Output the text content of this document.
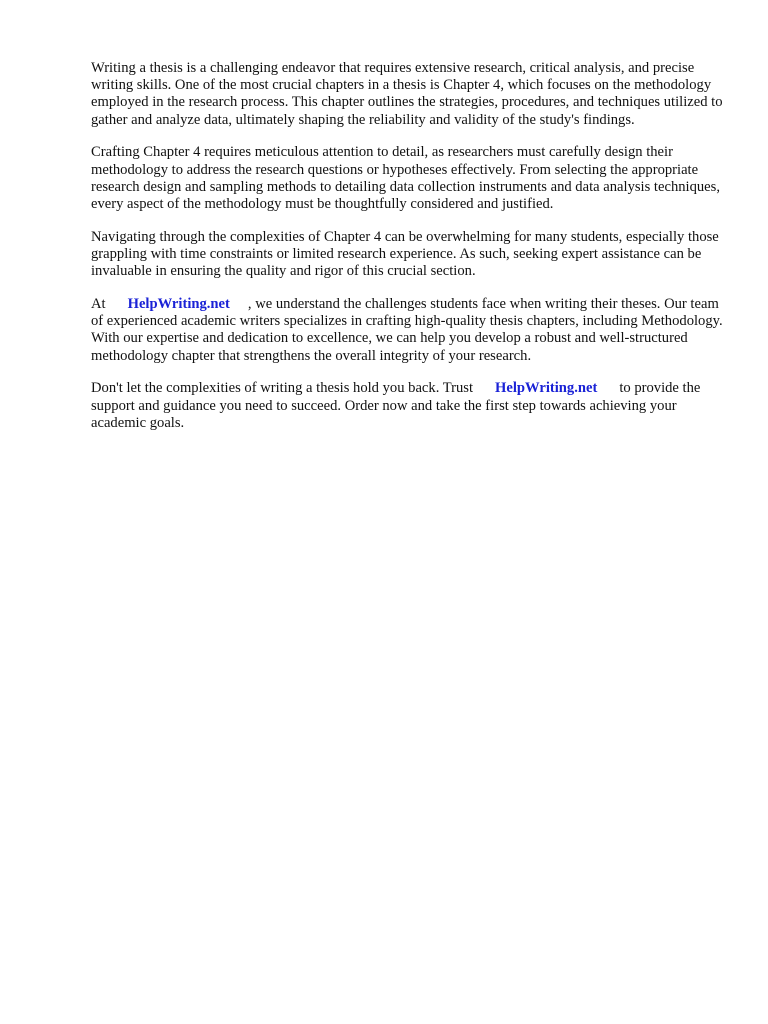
Writing a thesis is a challenging endeavor that requires extensive research, critical analysis, and precise writing skills. One of the most crucial chapters in a thesis is Chapter 4, which focuses on the methodology employed in the research process. This chapter outlines the strategies, procedures, and techniques utilized to gather and analyze data, ultimately shaping the reliability and validity of the study's findings.

Crafting Chapter 4 requires meticulous attention to detail, as researchers must carefully design their methodology to address the research questions or hypotheses effectively. From selecting the appropriate research design and sampling methods to detailing data collection instruments and data analysis techniques, every aspect of the methodology must be thoughtfully considered and justified.

Navigating through the complexities of Chapter 4 can be overwhelming for many students, especially those grappling with time constraints or limited research experience. As such, seeking expert assistance can be invaluable in ensuring the quality and rigor of this crucial section.

At HelpWriting.net , we understand the challenges students face when writing their theses. Our team of experienced academic writers specializes in crafting high-quality thesis chapters, including Methodology. With our expertise and dedication to excellence, we can help you develop a robust and well-structured methodology chapter that strengthens the overall integrity of your research.

Don't let the complexities of writing a thesis hold you back. Trust HelpWriting.net to provide the support and guidance you need to succeed. Order now and take the first step towards achieving your academic goals.
